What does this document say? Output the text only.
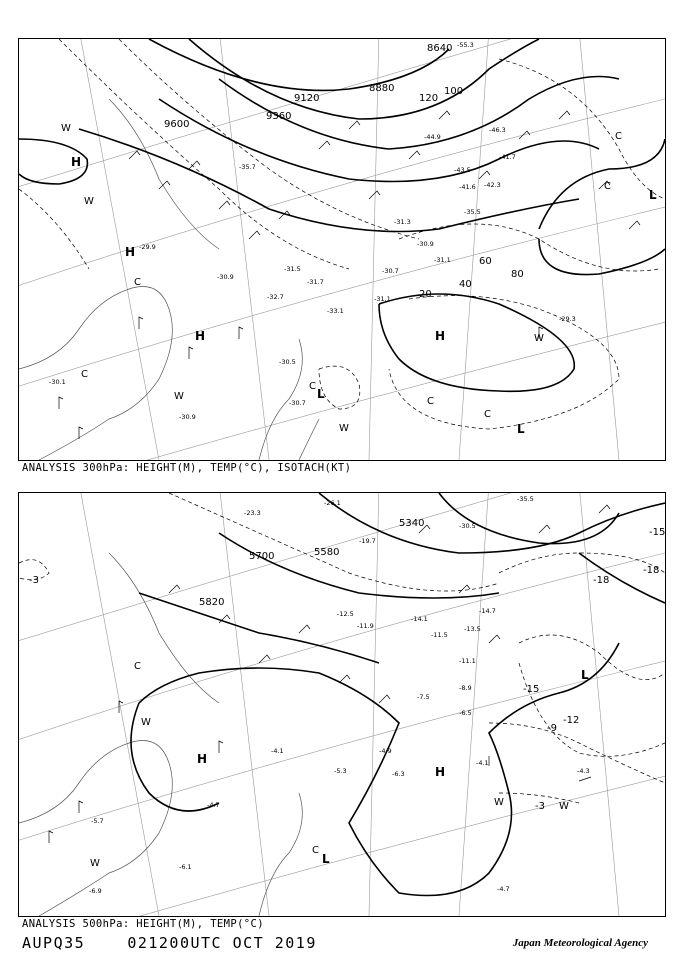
8640
8880
9120
9360
9600
20
40
60
80
100
120
H
H
H	H
L
L
L
W
W
W
W
W
C
C
C
C
C
C
C
-55.3
-44.9
-46.3
-41.7
-42.3
-43.5
-41.6
-35.5
-31.3
-30.9
-31.5	-30.7
-31.1
-30.9
-29.9
-31.7
-29.3
-31.1
-30.5
-30.7
-30.1
-30.9
-35.7
-32.7
-33.1
ANALYSIS 300hPa: HEIGHT(M), TEMP(°C), ISOTACH(KT)
5340
5580
5700
5820
-3
-3
-9
-12
-15
-15
-18
-18
H
H
L
L
W
W
W	W
C
C
-35.5
-30.5
-26.1
-23.3
-19.7
-14.1
-14.7
-13.5
-11.5
-11.9
-11.1
-12.5
-8.9
-7.5
-6.5
-4.9
-6.3
-4.1
-4.3
-4.7
-5.3
-4.7
-4.1
-5.7
-6.1
-6.9
ANALYSIS 500hPa: HEIGHT(M), TEMP(°C)
AUPQ35	021200UTC OCT 2019	Japan Meteorological Agency
